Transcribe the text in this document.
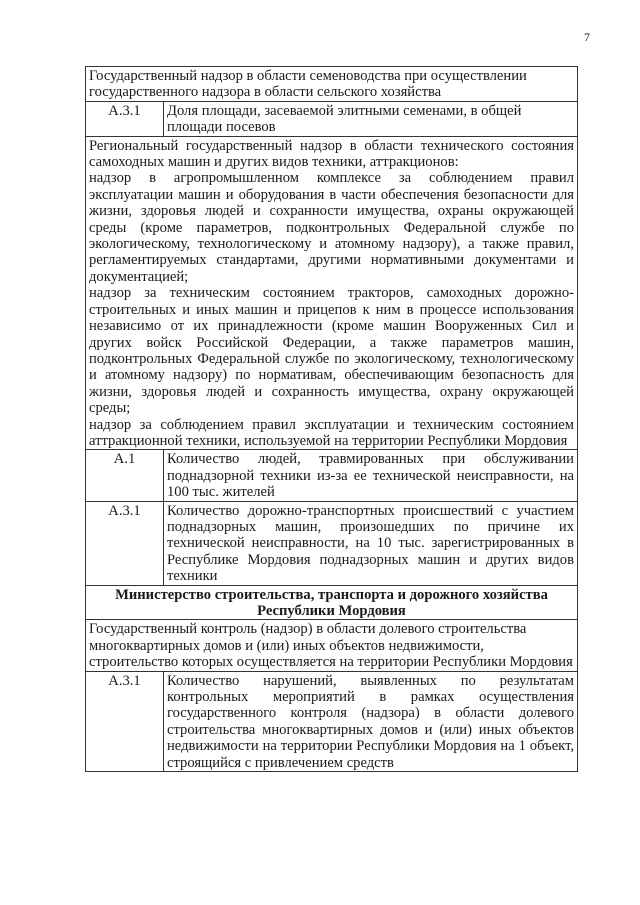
7
Государственный надзор в области семеноводства при осуществлении государственного надзора в области сельского хозяйства	
А.3.1	Доля площади, засеваемой элитными семенами, в общей площади посевов

Региональный государственный надзор в области технического состояния самоходных машин и других видов техники, аттракционов:
надзор в агропромышленном комплексе за соблюдением правил эксплуатации машин и оборудования в части обеспечения безопасности для жизни, здоровья людей и сохранности имущества, охраны окружающей среды (кроме параметров, подконтрольных Федеральной службе по экологическому, технологическому и атомному надзору), а также правил, регламентируемых стандартами, другими нормативными документами и документацией;
надзор за техническим состоянием тракторов, самоходных дорожно-строительных и иных машин и прицепов к ним в процессе использования независимо от их принадлежности (кроме машин Вооруженных Сил и других войск Российской Федерации, а также параметров машин, подконтрольных Федеральной службе по экологическому, технологическому и атомному надзору) по нормативам, обеспечивающим безопасность для жизни, здоровья людей и сохранность имущества, охрану окружающей среды;
надзор за соблюдением правил эксплуатации и техническим состоянием аттракционной техники, используемой на территории Республики Мордовия	

А.1	Количество людей, травмированных при обслуживании поднадзорной техники из-за ее технической неисправности, на 100 тыс. жителей
А.3.1	Количество дорожно-транспортных происшествий с участием поднадзорных машин, произошедших по причине их технической неисправности, на 10 тыс. зарегистрированных в Республике Мордовия поднадзорных машин и других видов техники
Министерство строительства, транспорта и дорожного хозяйства Республики Мордовия	
Государственный контроль (надзор) в области долевого строительства многоквартирных домов и (или) иных объектов недвижимости, строительство которых осуществляется на территории Республики Мордовия	
А.3.1	Количество нарушений, выявленных по результатам контрольных мероприятий в рамках осуществления государственного контроля (надзора) в области долевого строительства многоквартирных домов и (или) иных объектов недвижимости на территории Республики Мордовия на 1 объект, строящийся с привлечением средств
